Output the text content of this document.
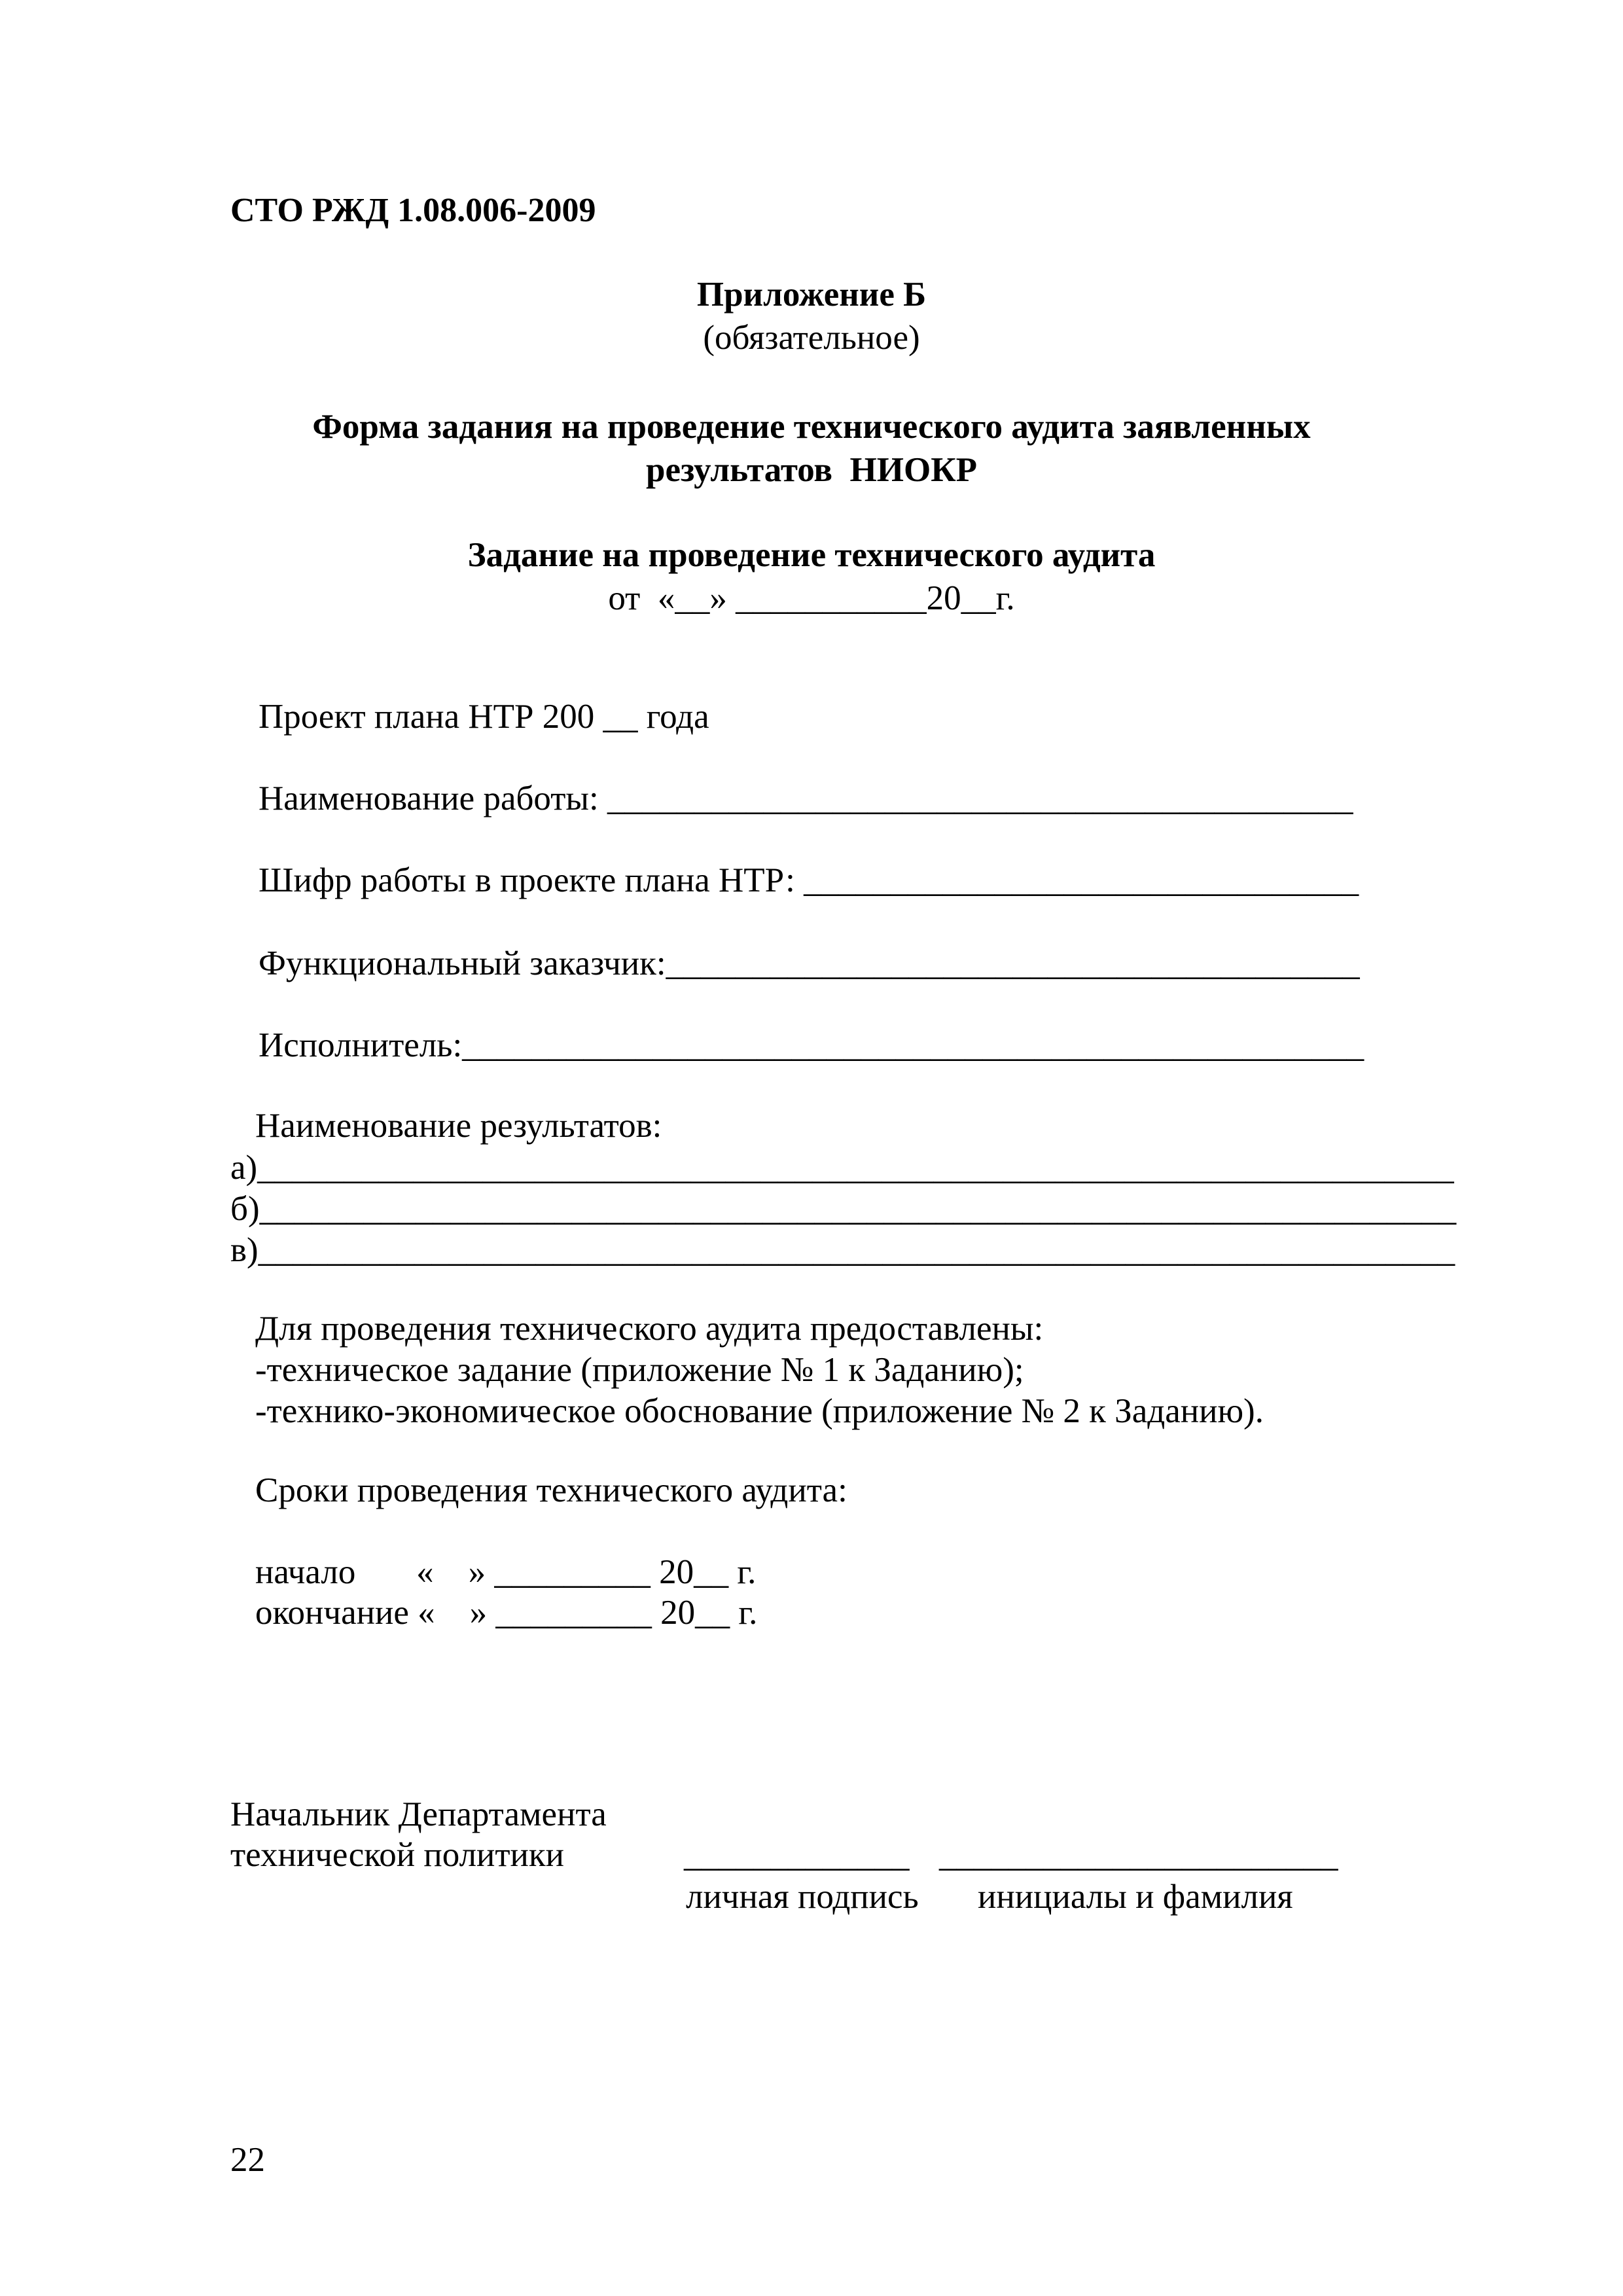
СТО РЖД 1.08.006-2009

Приложение Б

(обязательное)

Форма задания на проведение технического аудита заявленных

результатов  НИОКР

Задание на проведение технического аудита

от  «__» ___________20__г.

Проект плана НТР 200 __ года

Наименование работы: ___________________________________________

Шифр работы в проекте плана НТР: ________________________________

Функциональный заказчик:________________________________________

Исполнитель:____________________________________________________

Наименование результатов:

а)_____________________________________________________________________

б)_____________________________________________________________________

в)_____________________________________________________________________

Для проведения технического аудита предоставлены:

-техническое задание (приложение № 1 к Заданию);

-технико-экономическое обоснование (приложение № 2 к Заданию).

Сроки проведения технического аудита:

начало       «    » _________ 20__ г.

окончание «    » _________ 20__ г.

Начальник Департамента

технической политики	_____________ _______________________

личная подпись инициалы и фамилия

22
